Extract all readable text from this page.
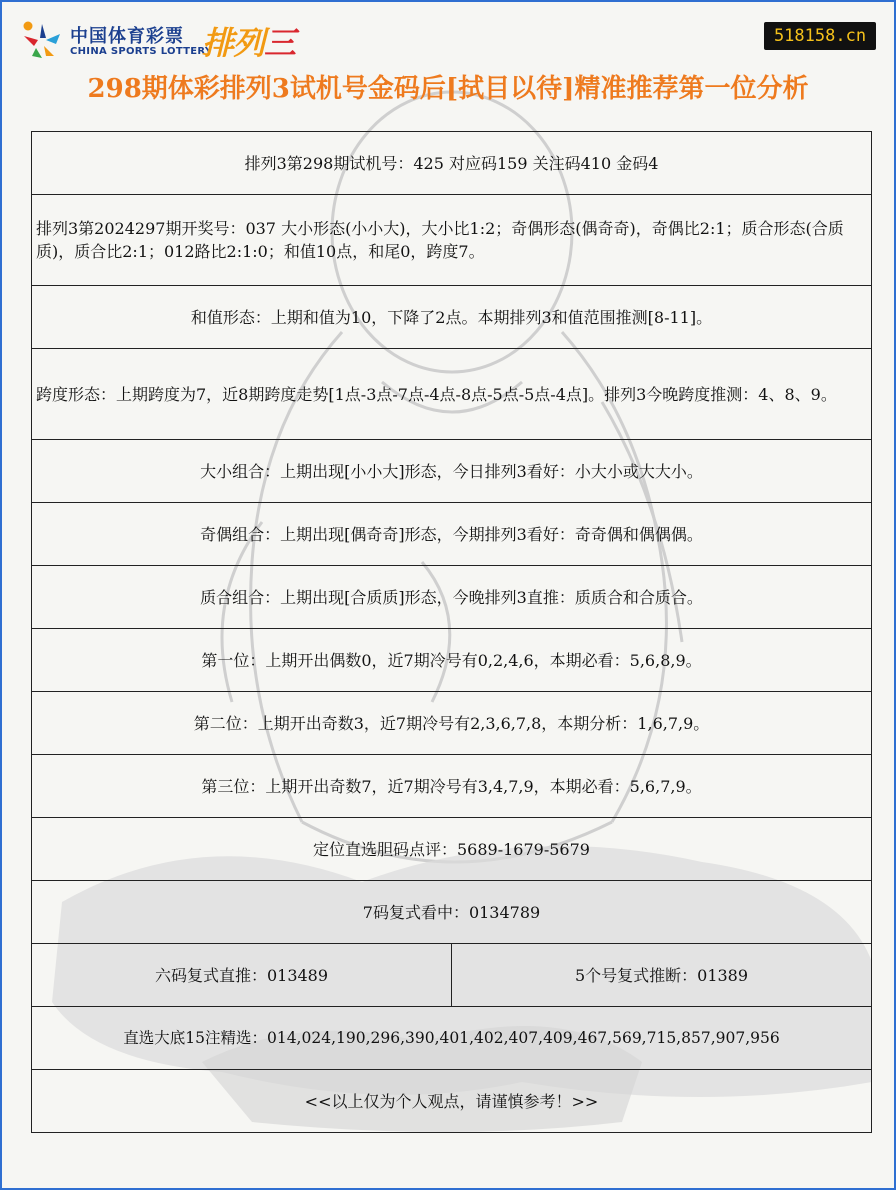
中国体育彩票
CHINA SPORTS LOTTERY
排列三	518158.cn
298期体彩排列3试机号金码后[拭目以待]精准推荐第一位分析
排列3第298期试机号：425 对应码159 关注码410 金码4
排列3第2024297期开奖号：037 大小形态(小小大)，大小比1:2；奇偶形态(偶奇奇)，奇偶比2:1；质合形态(合质质)，质合比2:1；012路比2:1:0；和值10点，和尾0，跨度7。
和值形态：上期和值为10，下降了2点。本期排列3和值范围推测[8-11]。
跨度形态：上期跨度为7，近8期跨度走势[1点-3点-7点-4点-8点-5点-5点-4点]。排列3今晚跨度推测：4、8、9。
大小组合：上期出现[小小大]形态，今日排列3看好：小大小或大大小。
奇偶组合：上期出现[偶奇奇]形态，今期排列3看好：奇奇偶和偶偶偶。
质合组合：上期出现[合质质]形态，今晚排列3直推：质质合和合质合。
第一位：上期开出偶数0，近7期冷号有0,2,4,6，本期必看：5,6,8,9。
第二位：上期开出奇数3，近7期冷号有2,3,6,7,8，本期分析：1,6,7,9。
第三位：上期开出奇数7，近7期冷号有3,4,7,9，本期必看：5,6,7,9。
定位直选胆码点评：5689-1679-5679
7码复式看中：0134789
六码复式直推：013489	5个号复式推断：01389
直选大底15注精选：014,024,190,296,390,401,402,407,409,467,569,715,857,907,956
<<以上仅为个人观点，请谨慎参考！>>
